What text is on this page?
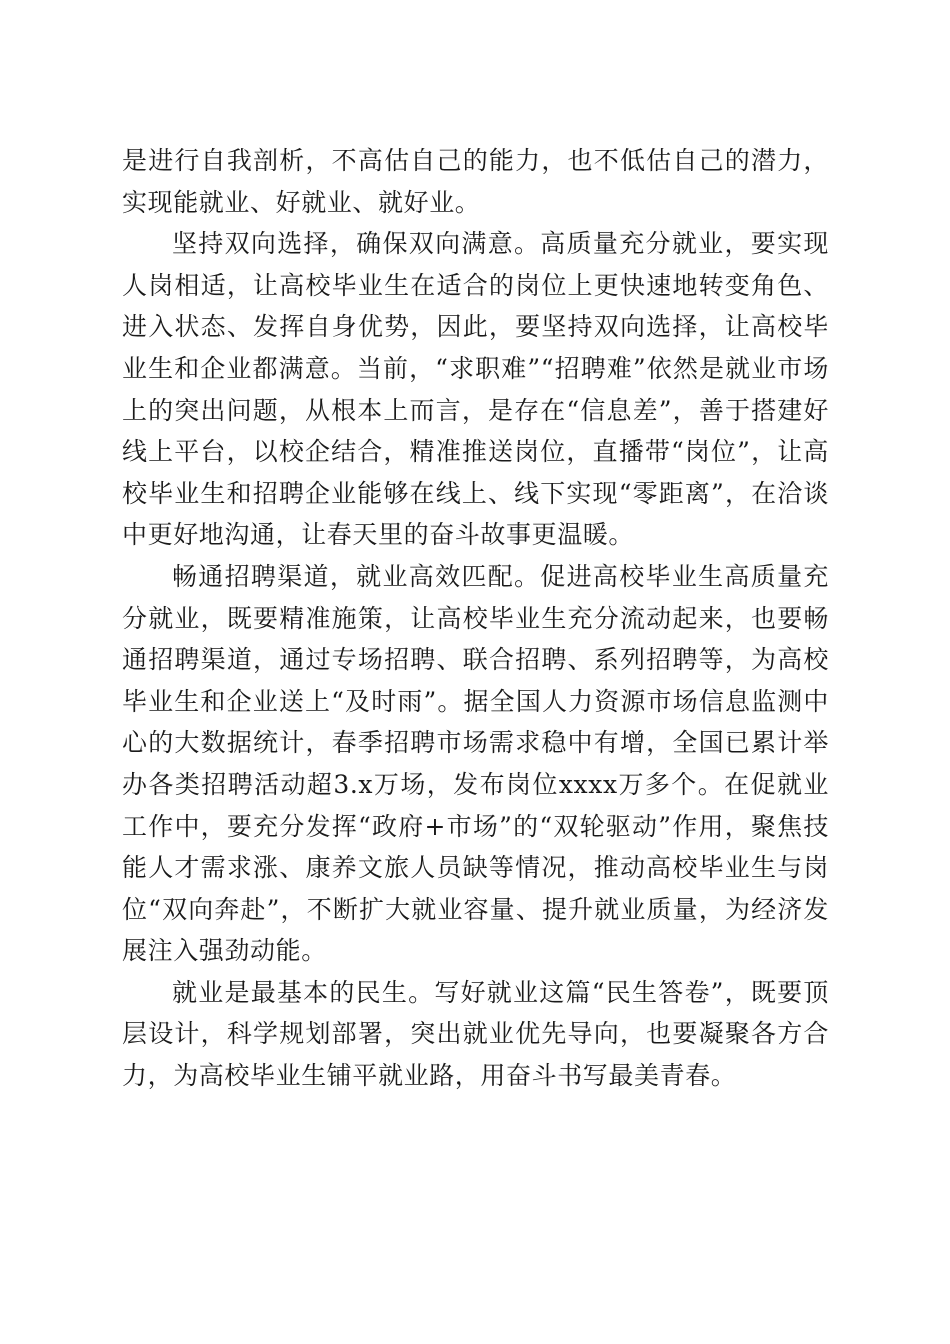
是进行自我剖析，不高估自己的能力，也不低估自己的潜力，实现能就业、好就业、就好业。

坚持双向选择，确保双向满意。高质量充分就业，要实现人岗相适，让高校毕业生在适合的岗位上更快速地转变角色、进入状态、发挥自身优势，因此，要坚持双向选择，让高校毕业生和企业都满意。当前，“求职难”“招聘难”依然是就业市场上的突出问题，从根本上而言，是存在“信息差”，善于搭建好线上平台，以校企结合，精准推送岗位，直播带“岗位”，让高校毕业生和招聘企业能够在线上、线下实现“零距离”，在洽谈中更好地沟通，让春天里的奋斗故事更温暖。

畅通招聘渠道，就业高效匹配。促进高校毕业生高质量充分就业，既要精准施策，让高校毕业生充分流动起来，也要畅通招聘渠道，通过专场招聘、联合招聘、系列招聘等，为高校毕业生和企业送上“及时雨”。据全国人力资源市场信息监测中心的大数据统计，春季招聘市场需求稳中有增，全国已累计举办各类招聘活动超3.x万场，发布岗位xxxx万多个。在促就业工作中，要充分发挥“政府+市场”的“双轮驱动”作用，聚焦技能人才需求涨、康养文旅人员缺等情况，推动高校毕业生与岗位“双向奔赴”，不断扩大就业容量、提升就业质量，为经济发展注入强劲动能。

就业是最基本的民生。写好就业这篇“民生答卷”，既要顶层设计，科学规划部署，突出就业优先导向，也要凝聚各方合力，为高校毕业生铺平就业路，用奋斗书写最美青春。
